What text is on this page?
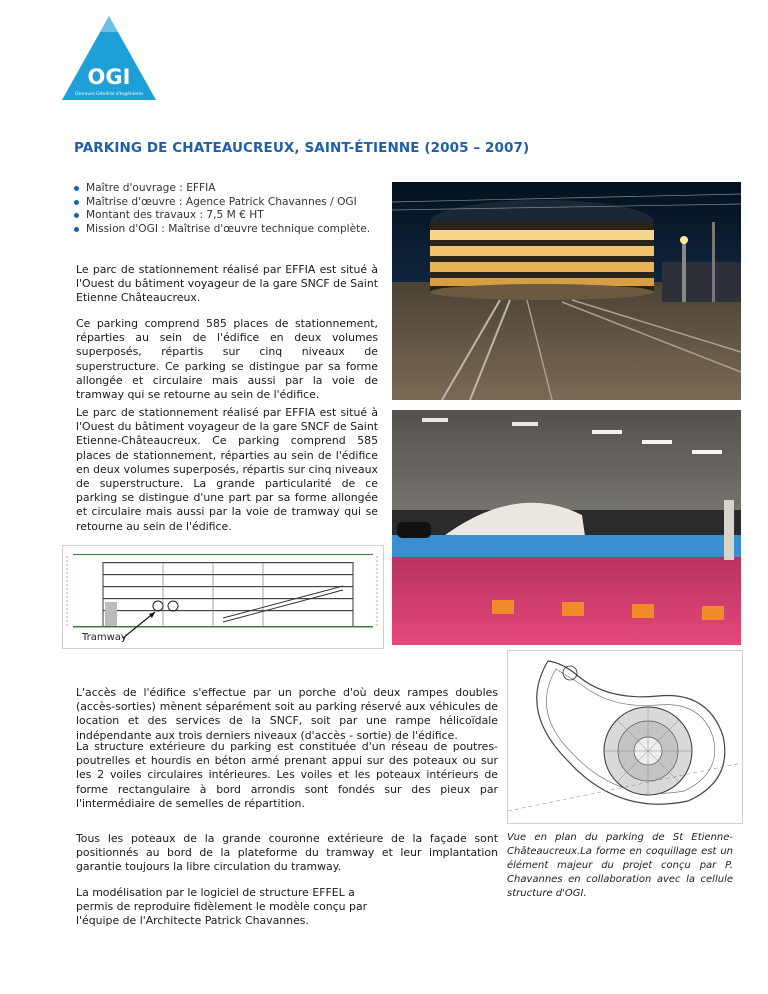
OGI
Omnium Général d'Ingénierie
PARKING DE CHATEAUCREUX, SAINT-ÉTIENNE (2005 – 2007)
Maître d'ouvrage : EFFIA
Maîtrise d'œuvre : Agence Patrick Chavannes / OGI
Montant des travaux : 7,5 M € HT
Mission d'OGI : Maîtrise d'œuvre technique complète.

Le parc de stationnement réalisé par EFFIA est situé à l'Ouest du bâtiment voyageur de la gare SNCF de Saint Etienne Châteaucreux.

Ce parking comprend 585 places de stationnement, réparties au sein de l'édifice en deux volumes superposés, répartis sur cinq niveaux de superstructure. Ce parking se distingue par sa forme allongée et circulaire mais aussi par la voie de tramway qui se retourne au sein de l'édifice.

Le parc de stationnement réalisé par EFFIA est situé à l'Ouest du bâtiment voyageur de la gare SNCF de Saint Etienne-Châteaucreux. Ce parking comprend 585 places de stationnement, réparties au sein de l'édifice en deux volumes superposés, répartis sur cinq niveaux de superstructure. La grande particularité de ce parking se distingue d'une part par sa forme allongée et circulaire mais aussi par la voie de tramway qui se retourne au sein de l'édifice.

Tramway

L'accès de l'édifice s'effectue par un porche d'où deux rampes doubles (accès-sorties) mènent séparément soit au parking réservé aux véhicules de location et des services de la SNCF, soit par une rampe hélicoïdale indépendante aux trois derniers niveaux (d'accès - sortie) de l'édifice.

La structure extérieure du parking est constituée d'un réseau de poutres-poutrelles et hourdis en béton armé prenant appui sur des poteaux ou sur les 2 voiles circulaires intérieures. Les voiles et les poteaux intérieurs de forme rectangulaire à bord arrondis sont fondés sur des pieux par l'intermédiaire de semelles de répartition.

Tous les poteaux de la grande couronne extérieure de la façade sont positionnés au bord de la plateforme du tramway et leur implantation garantie toujours la libre circulation du tramway.

La modélisation par le logiciel de structure EFFEL a permis de reproduire fidèlement le modèle conçu par l'équipe de l'Architecte Patrick Chavannes.

Vue en plan du parking de St Etienne-Châteaucreux.La forme en coquillage est un élément majeur du projet conçu par P. Chavannes en collaboration avec la cellule structure d'OGI.
